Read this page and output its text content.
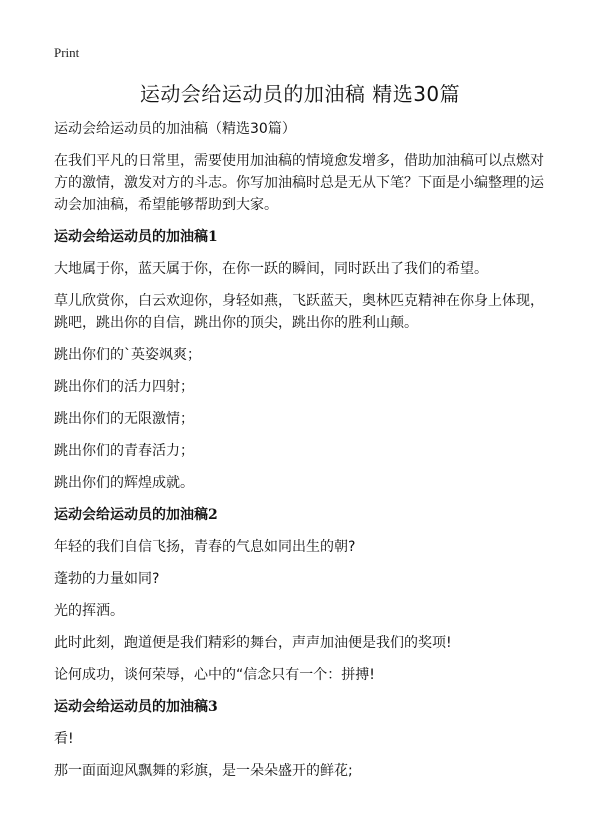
Print
运动会给运动员的加油稿 精选30篇

运动会给运动员的加油稿（精选30篇）

在我们平凡的日常里，需要使用加油稿的情境愈发增多，借助加油稿可以点燃对方的激情，激发对方的斗志。你写加油稿时总是无从下笔？下面是小编整理的运动会加油稿，希望能够帮助到大家。

运动会给运动员的加油稿1

大地属于你，蓝天属于你，在你一跃的瞬间，同时跃出了我们的希望。

草儿欣赏你，白云欢迎你，身轻如燕，飞跃蓝天，奥林匹克精神在你身上体现，跳吧，跳出你的自信，跳出你的顶尖，跳出你的胜利山颠。

跳出你们的`英姿飒爽；

跳出你们的活力四射；

跳出你们的无限激情；

跳出你们的青春活力；

跳出你们的辉煌成就。

运动会给运动员的加油稿2

年轻的我们自信飞扬，青春的气息如同出生的朝?

蓬勃的力量如同?

光的挥洒。

此时此刻，跑道便是我们精彩的舞台，声声加油便是我们的奖项!

论何成功，谈何荣辱，心中的“信念只有一个：拼搏!

运动会给运动员的加油稿3

看!

那一面面迎风飘舞的彩旗，是一朵朵盛开的鲜花;
